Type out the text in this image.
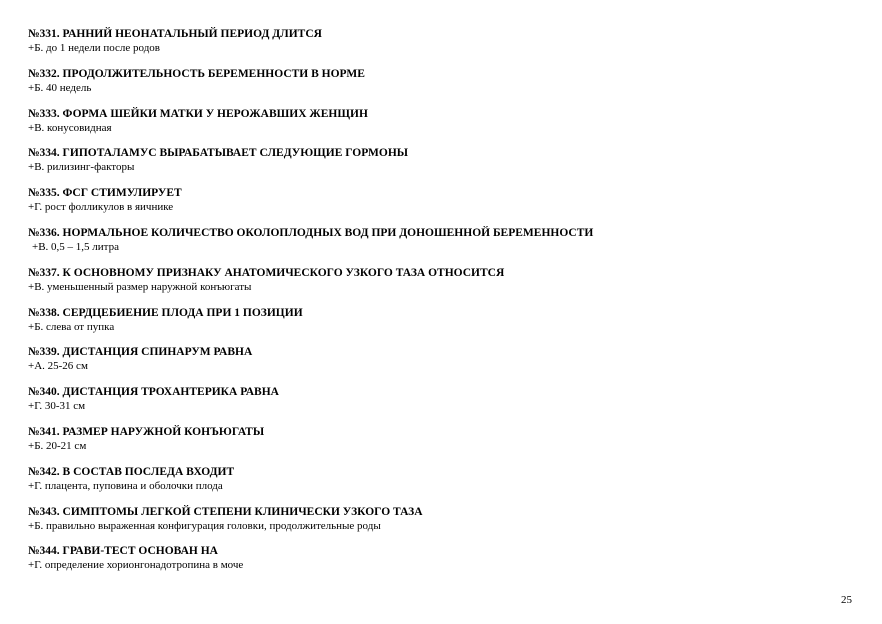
№331. РАННИЙ НЕОНАТАЛЬНЫЙ ПЕРИОД ДЛИТСЯ
+Б. до 1 недели после родов
№332. ПРОДОЛЖИТЕЛЬНОСТЬ БЕРЕМЕННОСТИ В НОРМЕ
+Б. 40 недель
№333. ФОРМА ШЕЙКИ МАТКИ У НЕРОЖАВШИХ ЖЕНЩИН
+В. конусовидная
№334. ГИПОТАЛАМУС ВЫРАБАТЫВАЕТ СЛЕДУЮЩИЕ ГОРМОНЫ
+В. рилизинг-факторы
№335. ФСГ СТИМУЛИРУЕТ
+Г. рост фолликулов в яичнике
№336. НОРМАЛЬНОЕ КОЛИЧЕСТВО ОКОЛОПЛОДНЫХ ВОД ПРИ ДОНОШЕННОЙ БЕРЕМЕННОСТИ
+В. 0,5 – 1,5 литра
№337. К ОСНОВНОМУ ПРИЗНАКУ АНАТОМИЧЕСКОГО УЗКОГО ТАЗА ОТНОСИТСЯ
+В. уменьшенный размер наружной конъюгаты
№338. СЕРДЦЕБИЕНИЕ ПЛОДА ПРИ 1 ПОЗИЦИИ
+Б. слева от пупка
№339. ДИСТАНЦИЯ СПИНАРУМ РАВНА
+А. 25-26 см
№340. ДИСТАНЦИЯ ТРОХАНТЕРИКА РАВНА
+Г. 30-31 см
№341. РАЗМЕР НАРУЖНОЙ КОНЪЮГАТЫ
+Б. 20-21 см
№342. В СОСТАВ ПОСЛЕДА ВХОДИТ
+Г. плацента, пуповина и оболочки плода
№343. СИМПТОМЫ ЛЕГКОЙ СТЕПЕНИ КЛИНИЧЕСКИ УЗКОГО ТАЗА
+Б. правильно выраженная конфигурация головки, продолжительные роды
№344. ГРАВИ-ТЕСТ ОСНОВАН НА
+Г. определение хорионгонадотропина в моче
25
